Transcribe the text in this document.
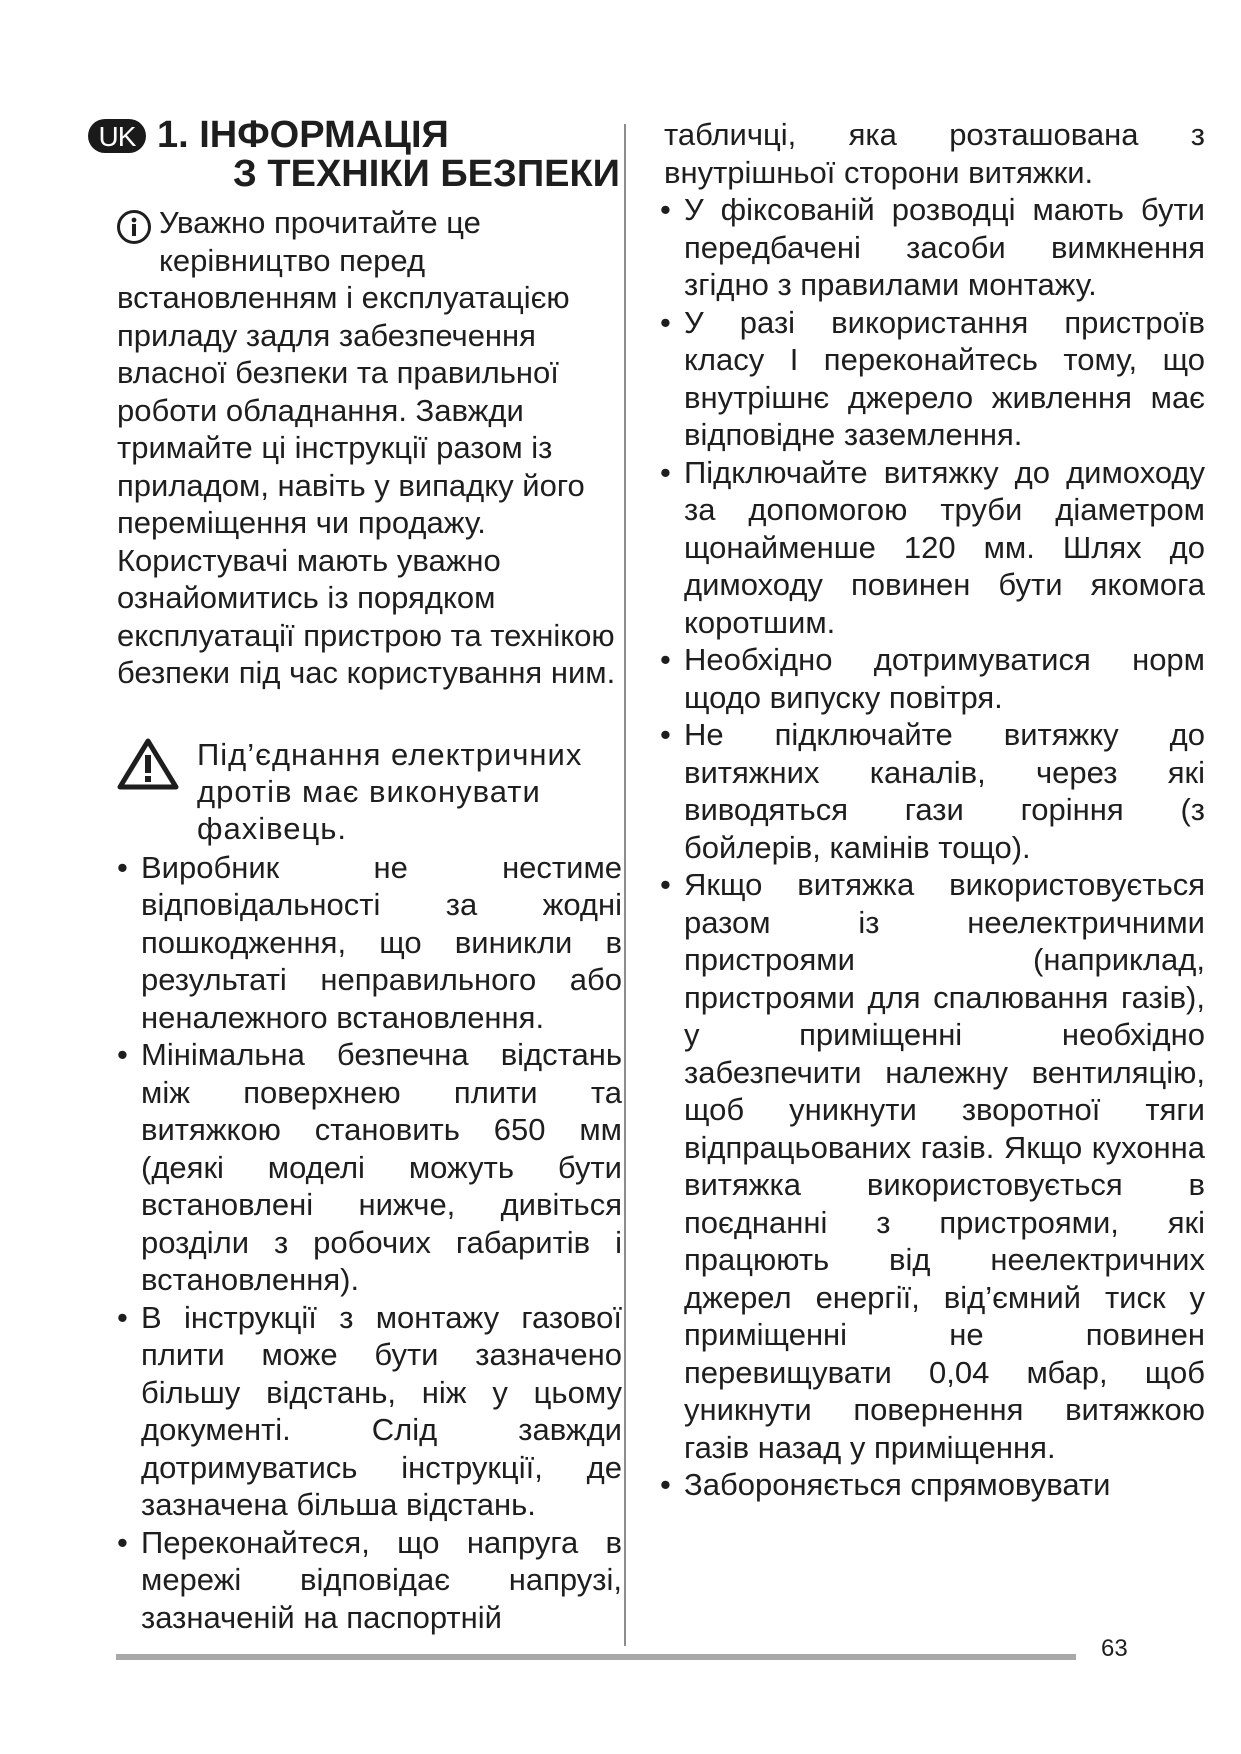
UK 1. ІНФОРМАЦІЯ
З ТЕХНІКИ БЕЗПЕКИ
Уважно прочитайте це керівництво перед встановленням і експлуатацією приладу задля забезпечення власної безпеки та правильної роботи обладнання. Завжди тримайте ці інструкції разом із приладом, навіть у випадку його переміщення чи продажу. Користувачі мають уважно ознайомитись із порядком експлуатації пристрою та технікою безпеки під час користування ним.
Під’єднання електричних дротів має виконувати фахівець.
• Виробник не нестиме відповідальності за жодні пошкодження, що виникли в результаті неправильного або неналежного встановлення.
• Мінімальна безпечна відстань між поверхнею плити та витяжкою становить 650 мм (деякі моделі можуть бути встановлені нижче, дивіться розділи з робочих габаритів і встановлення).
• В інструкції з монтажу газової плити може бути зазначено більшу відстань, ніж у цьому документі. Слід завжди дотримуватись інструкції, де зазначена більша відстань.
• Переконайтеся, що напруга в мережі відповідає напрузі, зазначеній на паспортній
табличці, яка розташована з внутрішньої сторони витяжки.
• У фіксованій розводці мають бути передбачені засоби вимкнення згідно з правилами монтажу.
• У разі використання пристроїв класу I переконайтесь тому, що внутрішнє джерело живлення має відповідне заземлення.
• Підключайте витяжку до димоходу за допомогою труби діаметром щонайменше 120 мм. Шлях до димоходу повинен бути якомога коротшим.
• Необхідно дотримуватися норм щодо випуску повітря.
• Не підключайте витяжку до витяжних каналів, через які виводяться гази горіння (з бойлерів, камінів тощо).
• Якщо витяжка використовується разом із неелектричними пристроями (наприклад, пристроями для спалювання газів), у приміщенні необхідно забезпечити належну вентиляцію, щоб уникнути зворотної тяги відпрацьованих газів. Якщо кухонна витяжка використовується в поєднанні з пристроями, які працюють від неелектричних джерел енергії, від’ємний тиск у приміщенні не повинен перевищувати 0,04 мбар, щоб уникнути повернення витяжкою газів назад у приміщення.
• Забороняється спрямовувати
63
